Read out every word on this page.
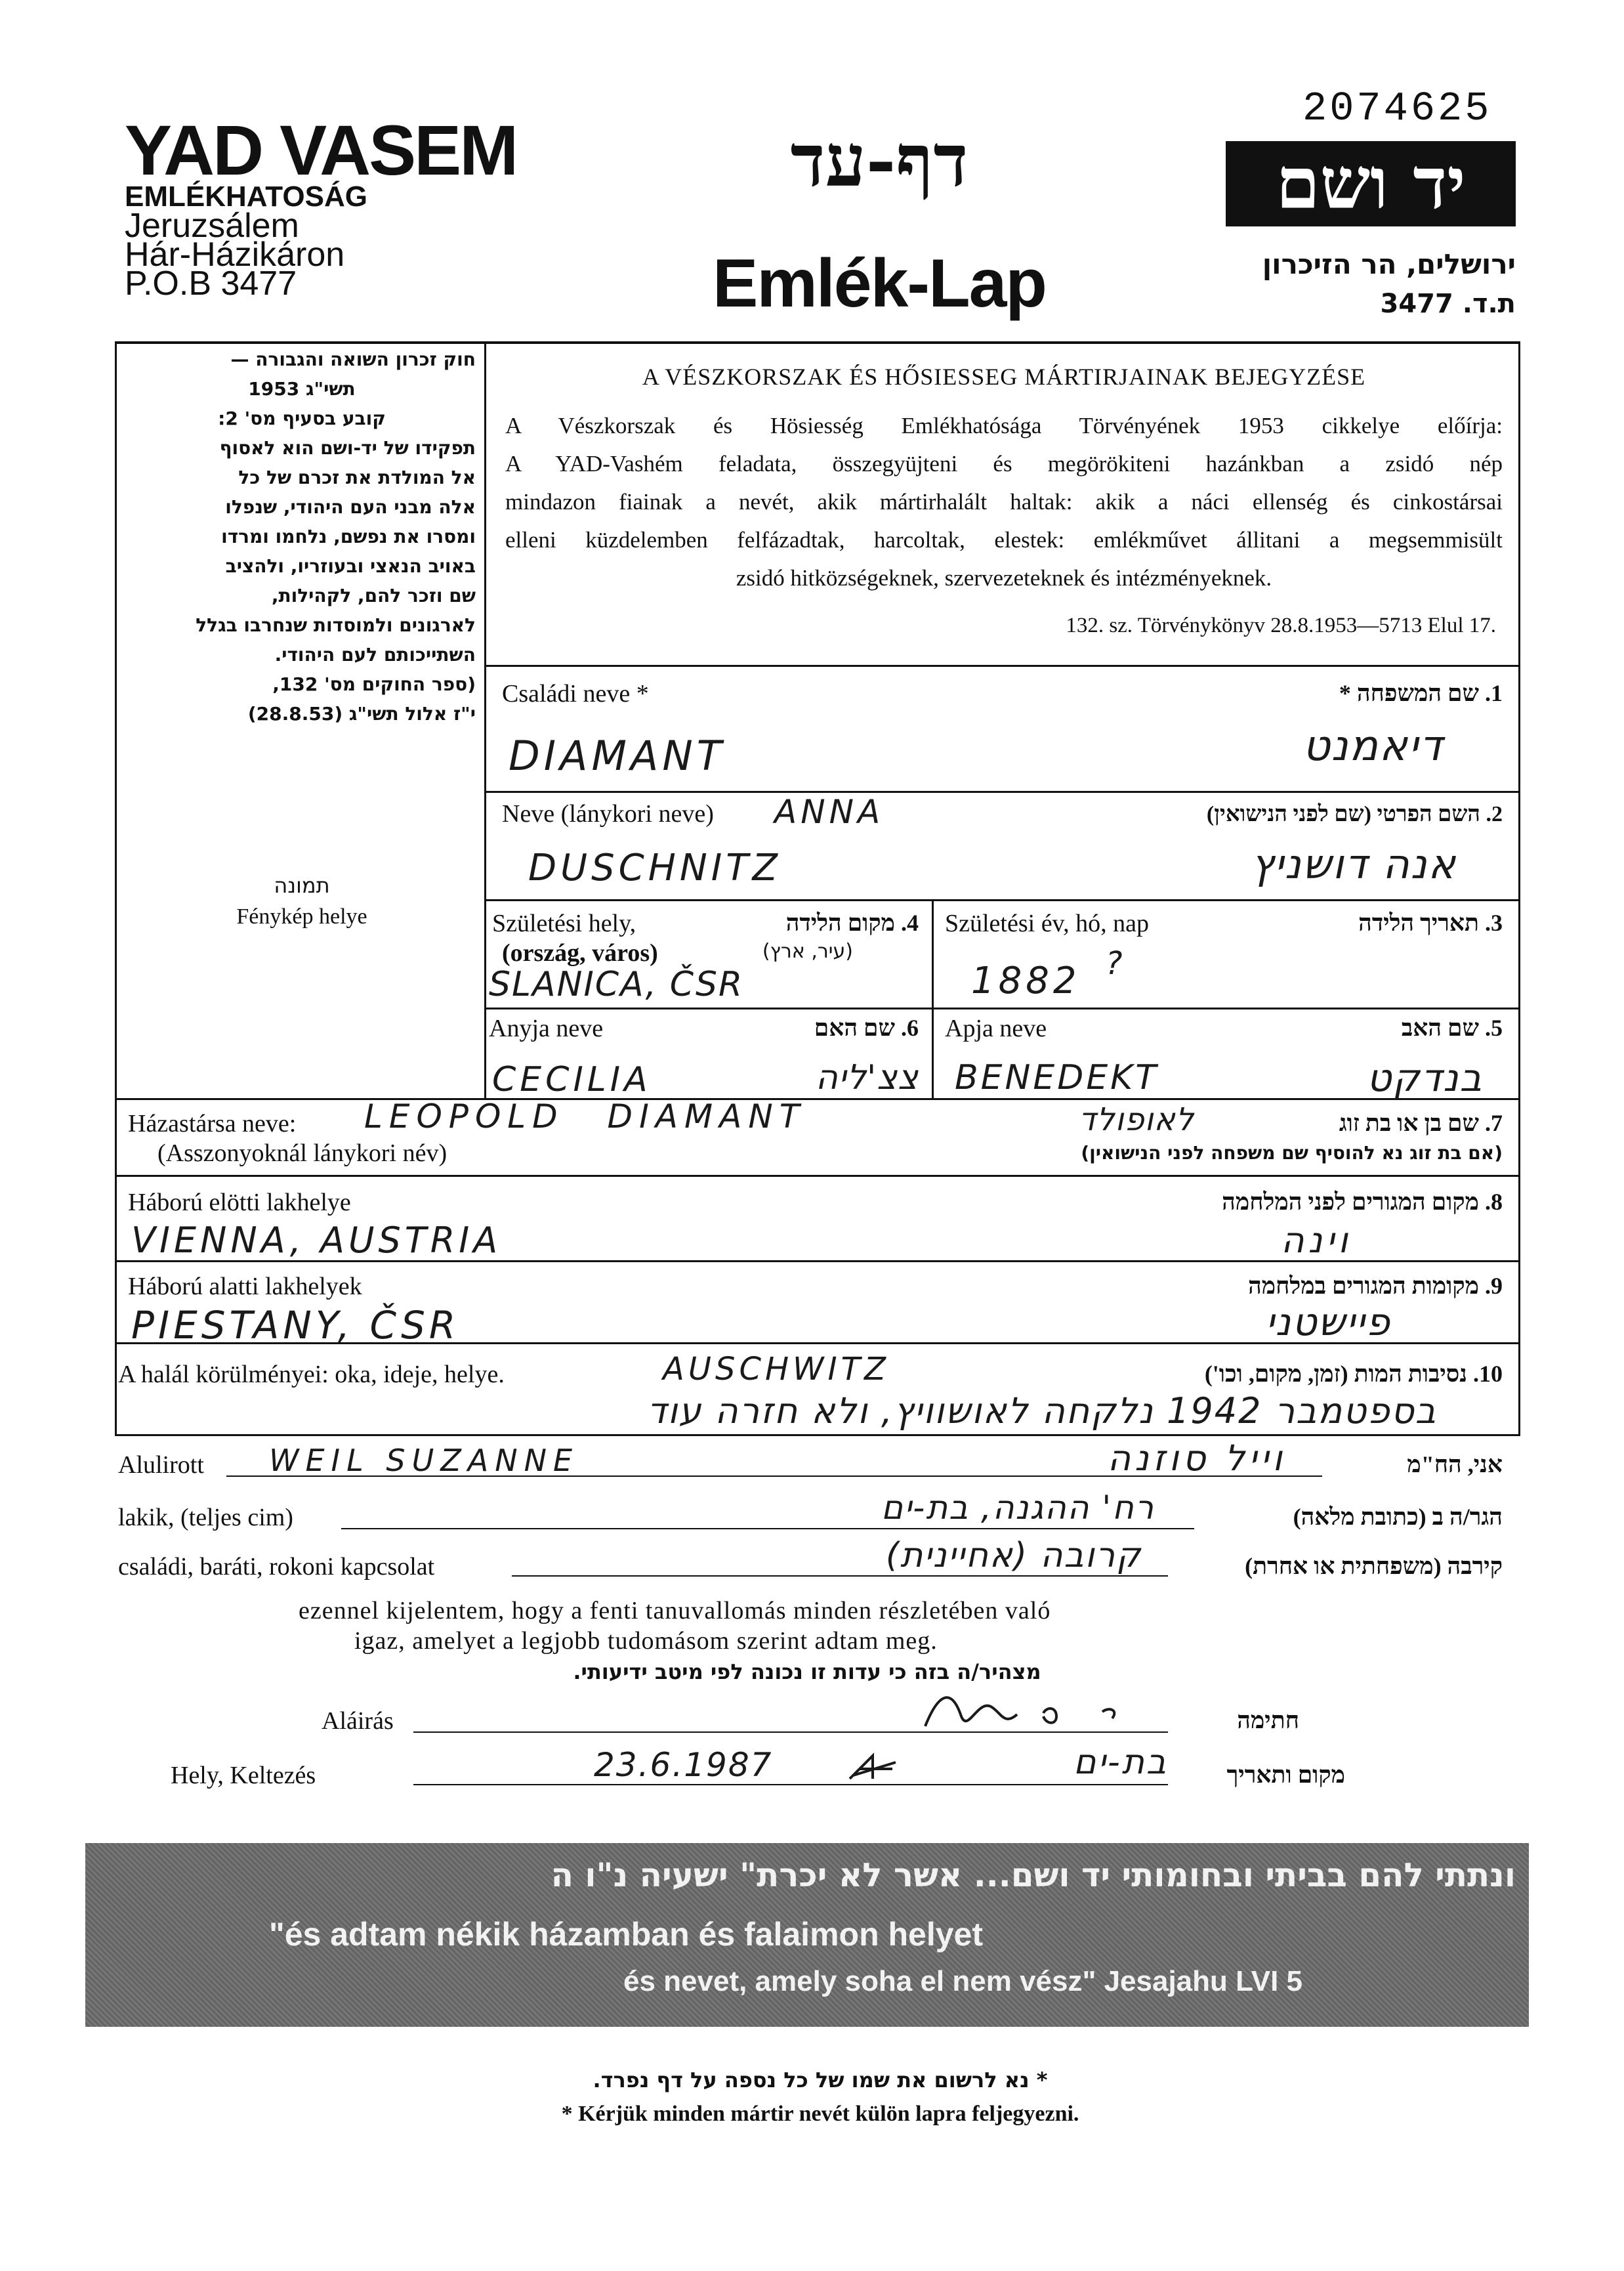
2074625
YAD VASEM
EMLÉKHATOSÁG
Jeruzsálem
Hár-Házikáron
P.O.B 3477
דף-עד
Emlék-Lap
יד ושם
ירושלים, הר הזיכרון
ת.ד. 3477
חוק זכרון השואה והגבורה —
תשי"ג 1953
קובע בסעיף מס' 2:
תפקידו של יד-ושם הוא לאסוף
אל המולדת את זכרם של כל
אלה מבני העם היהודי, שנפלו
ומסרו את נפשם, נלחמו ומרדו
באויב הנאצי ובעוזריו, ולהציב
שם וזכר להם, לקהילות,
לארגונים ולמוסדות שנחרבו בגלל
השתייכותם לעם היהודי.
(ספר החוקים מס' 132,
י"ז אלול תשי"ג (28.8.53)
תמונה
Fénykép helye
A VÉSZKORSZAK ÉS HŐSIESSEG MÁRTIRJAINAK BEJEGYZÉSE
A Vészkorszak és Hösiesség Emlékhatósága Törvényének 1953 cikkelye előírja:
A YAD-Vashém feladata, összegyüjteni és megörökiteni hazánkban a zsidó nép
mindazon fiainak a nevét, akik mártirhalált haltak: akik a náci ellenség és cinkostársai
elleni küzdelemben felfázadtak, harcoltak, elestek: emlékművet állitani a megsemmisült
zsidó hitközségeknek, szervezeteknek és intézményeknek.
132. sz. Törvénykönyv 28.8.1953—5713 Elul 17.
Családi neve *	1. שם המשפחה *
DIAMANT	דיאמנט
Neve (lánykori neve) ANNA	2. השם הפרטי (שם לפני הנישואין)
DUSCHNITZ	אנה דושניץ
Születési hely,	4. מקום הלידה
(ország, város)	(עיר, ארץ)
SLANICA, ČSR
Születési év, hó, nap	3. תאריך הלידה
1882 ?
Anyja neve	6. שם האם
CECILIA	צצ'ליה
Apja neve	5. שם האב
BENEDEKT	בנדקט
Házastársa neve:
(Asszonyoknál lánykori név)
LEOPOLD DIAMANT	לאופולד	7. שם בן או בת זוג
(אם בת זוג נא להוסיף שם משפחה לפני הנישואין)
Háború elötti lakhelye	8. מקום המגורים לפני המלחמה
VIENNA, AUSTRIA	וינה
Háború alatti lakhelyek	9. מקומות המגורים במלחמה
PIESTANY, ČSR	פיישטני
A halál körülményei: oka, ideje, helye.	AUSCHWITZ	10. נסיבות המות (זמן, מקום, וכו')
בספטמבר 1942 נלקחה לאושוויץ, ולא חזרה עוד
Alulirott WEIL SUZANNE	וייל סוזנה	אני, הח"מ
lakik, (teljes cim)	רח' ההגנה, בת-ים	הגר/ה ב (כתובת מלאה)
családi, baráti, rokoni kapcsolat	קרובה (אחיינית)	קירבה (משפחתית או אחרת)
ezennel kijelentem, hogy a fenti tanuvallomás minden részletében való
igaz, amelyet a legjobb tudomásom szerint adtam meg.
מצהיר/ה בזה כי עדות זו נכונה לפי מיטב ידיעותי.
Aláirás	חתימה
Hely, Keltezés	23.6.1987	בת-ים	מקום ותאריך
ונתתי להם בביתי ובחומותי יד ושם... אשר לא יכרת" ישעיה נ"ו ה
"és adtam nékik házamban és falaimon helyet
és nevet, amely soha el nem vész" Jesajahu LVI 5
* נא לרשום את שמו של כל נספה על דף נפרד.
* Kérjük minden mártir nevét külön lapra feljegyezni.
